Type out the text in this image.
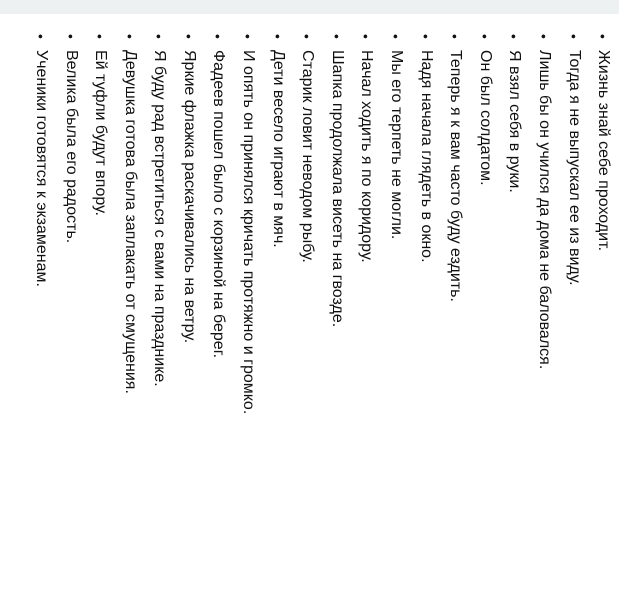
•
Жизнь знай себе проходит.
•
Тогда я не выпускал ее из виду.
•
Лишь бы он учился да дома не баловался.
•
Я взял себя в руки.
•
Он был солдатом.
•
Теперь я к вам часто буду ездить.
•
Надя начала глядеть в окно.
•
Мы его терпеть не могли.
•
Начал ходить я по коридору.
•
Шапка продолжала висеть на гвозде.
•
Старик ловит неводом рыбу.
•
Дети весело играют в мяч.
•
И опять он принялся кричать протяжно и громко.
•
Фадеев пошел было с корзиной на берег.
•
Яркие флажка раскачивались на ветру.
•
Я буду рад встретиться с вами на празднике.
•
Девушка готова была заплакать от смущения.
•
Ей туфли будут впору.
•
Велика была его радость.
•
Ученики готовятся к экзаменам.
